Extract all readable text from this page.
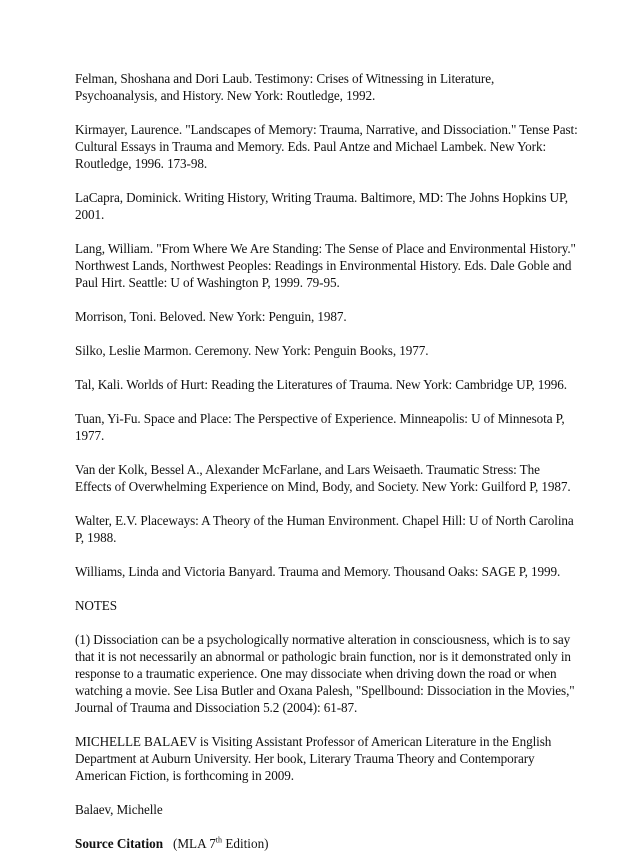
Felman, Shoshana and Dori Laub. Testimony: Crises of Witnessing in Literature,
Psychoanalysis, and History. New York: Routledge, 1992.
Kirmayer, Laurence. "Landscapes of Memory: Trauma, Narrative, and Dissociation." Tense Past:
Cultural Essays in Trauma and Memory. Eds. Paul Antze and Michael Lambek. New York:
Routledge, 1996. 173-98.
LaCapra, Dominick. Writing History, Writing Trauma. Baltimore, MD: The Johns Hopkins UP,
2001.
Lang, William. "From Where We Are Standing: The Sense of Place and Environmental History."
Northwest Lands, Northwest Peoples: Readings in Environmental History. Eds. Dale Goble and
Paul Hirt. Seattle: U of Washington P, 1999. 79-95.
Morrison, Toni. Beloved. New York: Penguin, 1987.
Silko, Leslie Marmon. Ceremony. New York: Penguin Books, 1977.
Tal, Kali. Worlds of Hurt: Reading the Literatures of Trauma. New York: Cambridge UP, 1996.
Tuan, Yi-Fu. Space and Place: The Perspective of Experience. Minneapolis: U of Minnesota P,
1977.
Van der Kolk, Bessel A., Alexander McFarlane, and Lars Weisaeth. Traumatic Stress: The
Effects of Overwhelming Experience on Mind, Body, and Society. New York: Guilford P, 1987.
Walter, E.V. Placeways: A Theory of the Human Environment. Chapel Hill: U of North Carolina
P, 1988.
Williams, Linda and Victoria Banyard. Trauma and Memory. Thousand Oaks: SAGE P, 1999.
NOTES
(1) Dissociation can be a psychologically normative alteration in consciousness, which is to say
that it is not necessarily an abnormal or pathologic brain function, nor is it demonstrated only in
response to a traumatic experience. One may dissociate when driving down the road or when
watching a movie. See Lisa Butler and Oxana Palesh, "Spellbound: Dissociation in the Movies,"
Journal of Trauma and Dissociation 5.2 (2004): 61-87.
MICHELLE BALAEV is Visiting Assistant Professor of American Literature in the English
Department at Auburn University. Her book, Literary Trauma Theory and Contemporary
American Fiction, is forthcoming in 2009.
Balaev, Michelle
Source Citation (MLA 7th Edition)
